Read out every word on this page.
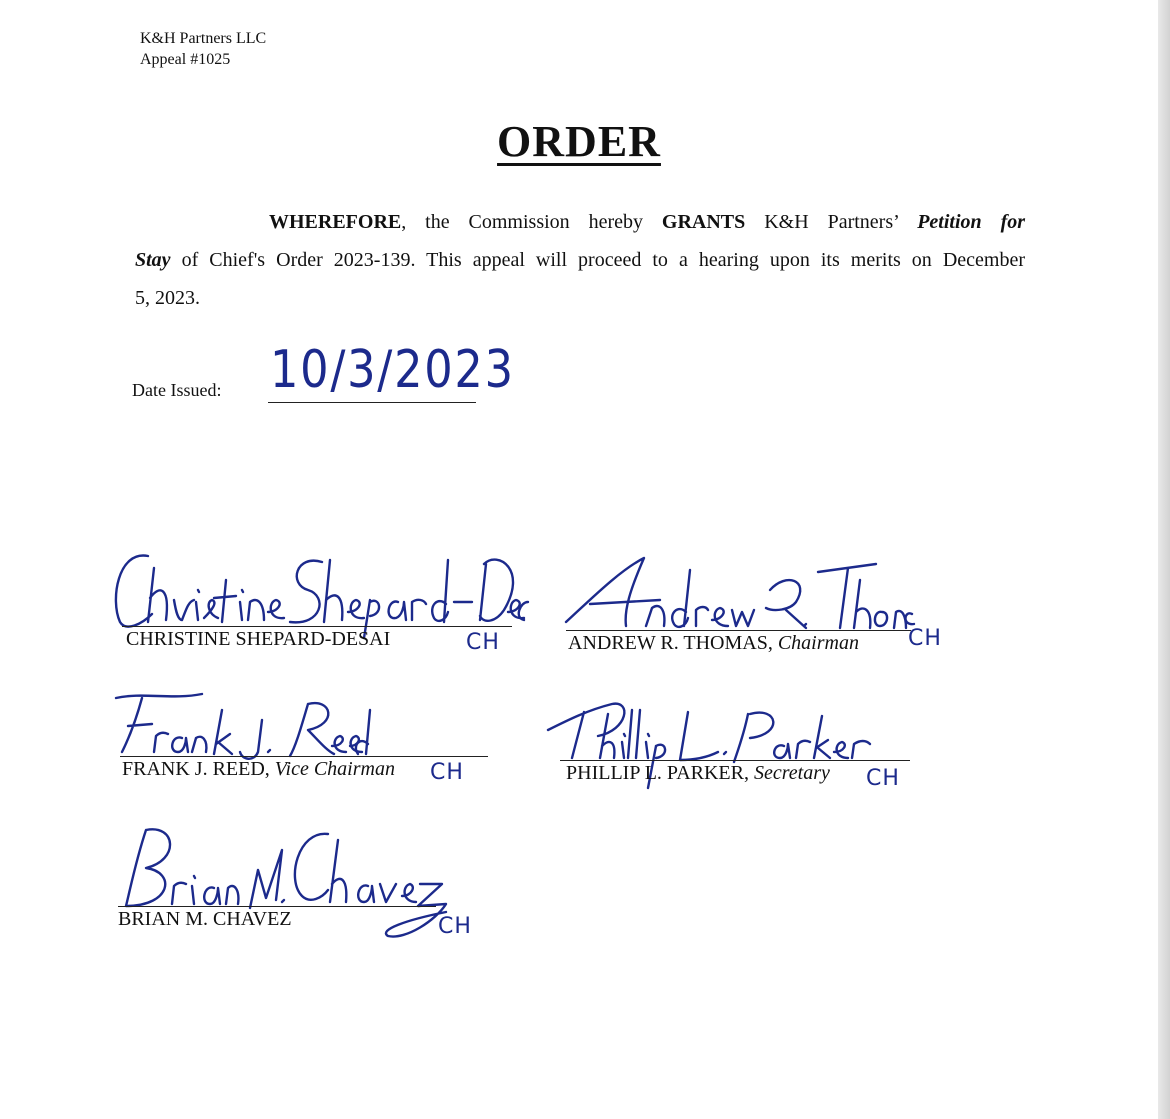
K&H Partners LLC
Appeal #1025
ORDER
WHEREFORE, the Commission hereby GRANTS K&H Partners’ Petition for
Stay of Chief's Order 2023-139. This appeal will proceed to a hearing upon its merits on December
5, 2023.
Date Issued: 10/3/2023
CHRISTINE SHEPARD-DESAI	CH	ANDREW R. THOMAS, Chairman CH
FRANK J. REED, Vice Chairman CH	PHILLIP L. PARKER, Secretary CH
BRIAN M. CHAVEZ	CH
